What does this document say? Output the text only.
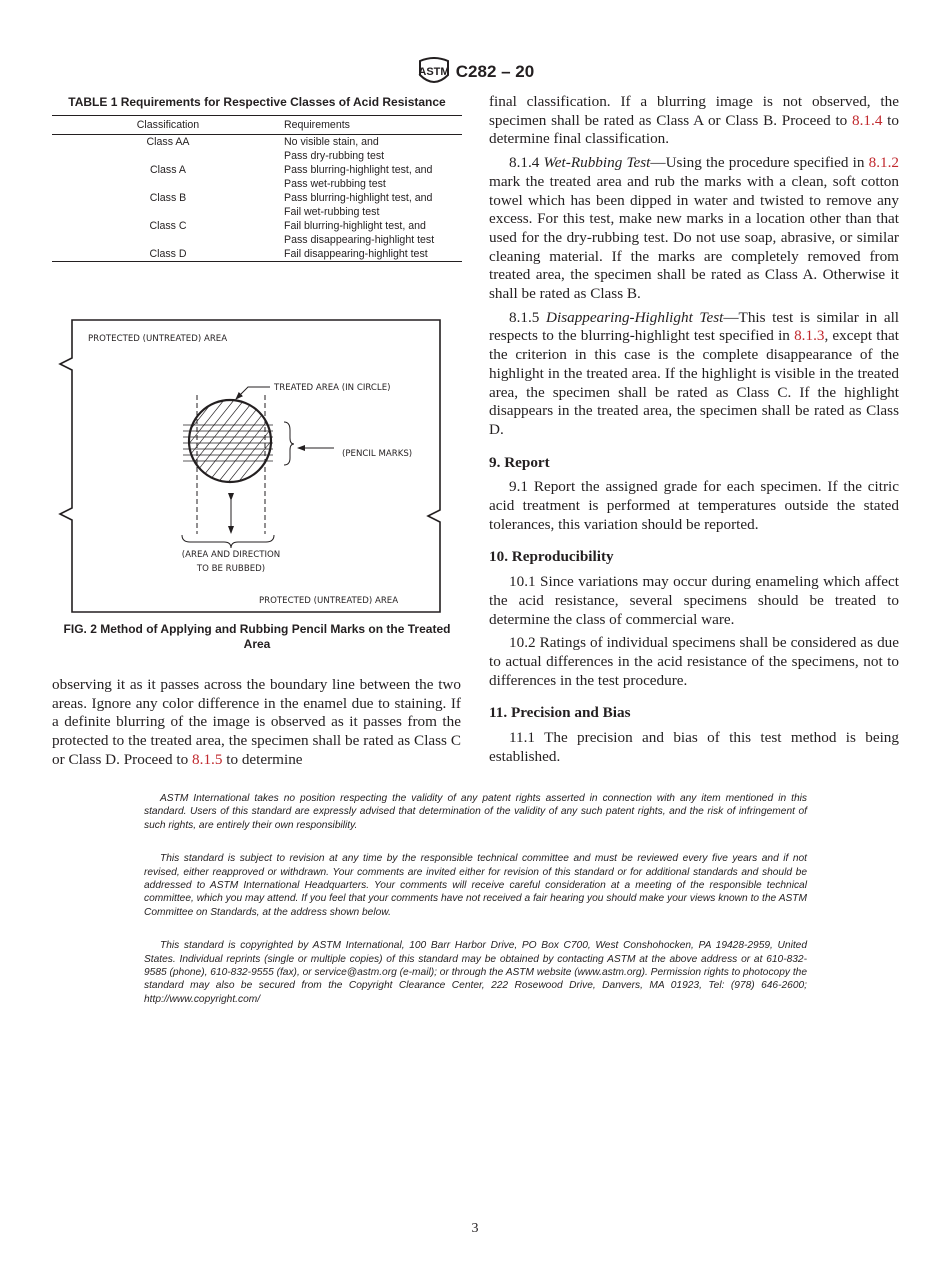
ASTM C282 – 20
TABLE 1 Requirements for Respective Classes of Acid Resistance
Classification	Requirements
Class AA	No visible stain, and
	Pass dry-rubbing test
Class A	Pass blurring-highlight test, and
	Pass wet-rubbing test
Class B	Pass blurring-highlight test, and
	Fail wet-rubbing test
Class C	Fail blurring-highlight test, and
	Pass disappearing-highlight test
Class D	Fail disappearing-highlight test
PROTECTED (UNTREATED) AREA
TREATED AREA (IN CIRCLE)
(PENCIL MARKS)
(AREA AND DIRECTION
TO BE RUBBED)
PROTECTED (UNTREATED) AREA
FIG. 2 Method of Applying and Rubbing Pencil Marks on the Treated Area

observing it as it passes across the boundary line between the two areas. Ignore any color difference in the enamel due to staining. If a definite blurring of the image is observed as it passes from the protected to the treated area, the specimen shall be rated as Class C or Class D. Proceed to 8.1.5 to determine

final classification. If a blurring image is not observed, the specimen shall be rated as Class A or Class B. Proceed to 8.1.4 to determine final classification.

8.1.4 Wet-Rubbing Test—Using the procedure specified in 8.1.2 mark the treated area and rub the marks with a clean, soft cotton towel which has been dipped in water and twisted to remove any excess. For this test, make new marks in a location other than that used for the dry-rubbing test. Do not use soap, abrasive, or similar cleaning material. If the marks are completely removed from treated area, the specimen shall be rated as Class A. Otherwise it shall be rated as Class B.

8.1.5 Disappearing-Highlight Test—This test is similar in all respects to the blurring-highlight test specified in 8.1.3, except that the criterion in this case is the complete disappearance of the highlight in the treated area. If the highlight is visible in the treated area, the specimen shall be rated as Class C. If the highlight disappears in the treated area, the specimen shall be rated as Class D.

9. Report

9.1 Report the assigned grade for each specimen. If the citric acid treatment is performed at temperatures outside the stated tolerances, this variation should be reported.

10. Reproducibility

10.1 Since variations may occur during enameling which affect the acid resistance, several specimens should be treated to determine the class of commercial ware.

10.2 Ratings of individual specimens shall be considered as due to actual differences in the acid resistance of the specimens, not to differences in the test procedure.

11. Precision and Bias

11.1 The precision and bias of this test method is being established.

ASTM International takes no position respecting the validity of any patent rights asserted in connection with any item mentioned in this standard. Users of this standard are expressly advised that determination of the validity of any such patent rights, and the risk of infringement of such rights, are entirely their own responsibility.

This standard is subject to revision at any time by the responsible technical committee and must be reviewed every five years and if not revised, either reapproved or withdrawn. Your comments are invited either for revision of this standard or for additional standards and should be addressed to ASTM International Headquarters. Your comments will receive careful consideration at a meeting of the responsible technical committee, which you may attend. If you feel that your comments have not received a fair hearing you should make your views known to the ASTM Committee on Standards, at the address shown below.

This standard is copyrighted by ASTM International, 100 Barr Harbor Drive, PO Box C700, West Conshohocken, PA 19428-2959, United States. Individual reprints (single or multiple copies) of this standard may be obtained by contacting ASTM at the above address or at 610-832-9585 (phone), 610-832-9555 (fax), or service@astm.org (e-mail); or through the ASTM website (www.astm.org). Permission rights to photocopy the standard may also be secured from the Copyright Clearance Center, 222 Rosewood Drive, Danvers, MA 01923, Tel: (978) 646-2600; http://www.copyright.com/

3
